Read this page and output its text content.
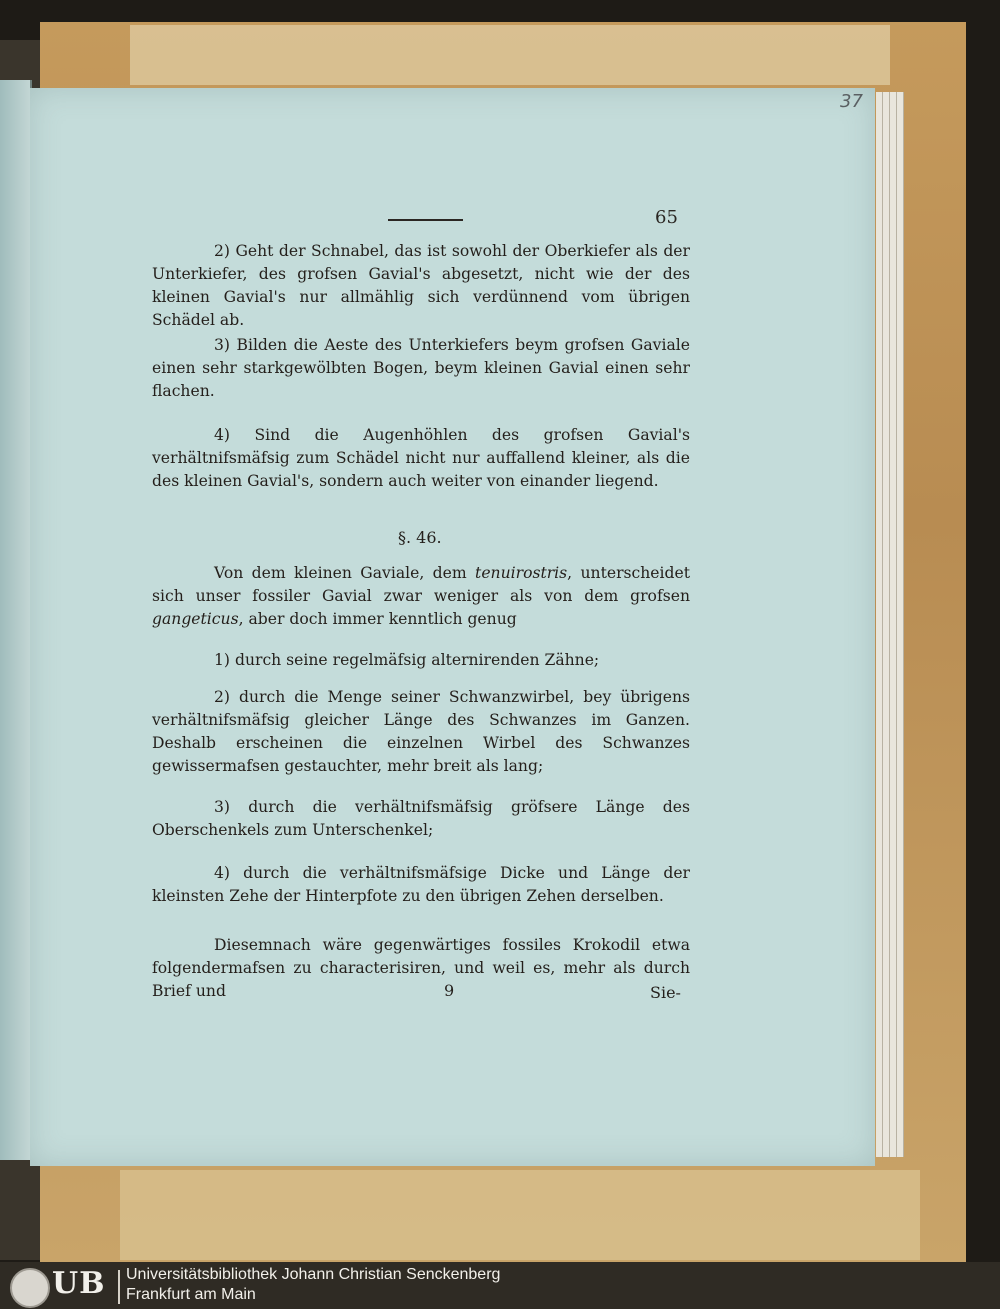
37
65

2) Geht der Schnabel, das ist sowohl der Oberkiefer als der Unterkiefer, des grofsen Gavial's abgesetzt, nicht wie der des kleinen Gavial's nur allmählig sich verdünnend vom übrigen Schädel ab.

3) Bilden die Aeste des Unterkiefers beym grofsen Gaviale einen sehr starkgewölbten Bogen, beym kleinen Gavial einen sehr flachen.

4) Sind die Augenhöhlen des grofsen Gavial's verhältnifsmäfsig zum Schädel nicht nur auffallend kleiner, als die des kleinen Gavial's, sondern auch weiter von einander liegend.

§. 46.

Von dem kleinen Gaviale, dem tenuirostris, unterscheidet sich unser fossiler Gavial zwar weniger als von dem grofsen gangeticus, aber doch immer kenntlich genug

1) durch seine regelmäfsig alternirenden Zähne;

2) durch die Menge seiner Schwanzwirbel, bey übrigens verhältnifsmäfsig gleicher Länge des Schwanzes im Ganzen. Deshalb erscheinen die einzelnen Wirbel des Schwanzes gewissermafsen gestauchter, mehr breit als lang;

3) durch die verhältnifsmäfsig gröfsere Länge des Oberschenkels zum Unterschenkel;

4) durch die verhältnifsmäfsige Dicke und Länge der kleinsten Zehe der Hinterpfote zu den übrigen Zehen derselben.

Diesemnach wäre gegenwärtiges fossiles Krokodil etwa folgendermafsen zu characterisiren, und weil es, mehr als durch Brief und	9	Sie-
UB Universitätsbibliothek Johann Christian Senckenberg
Frankfurt am Main
